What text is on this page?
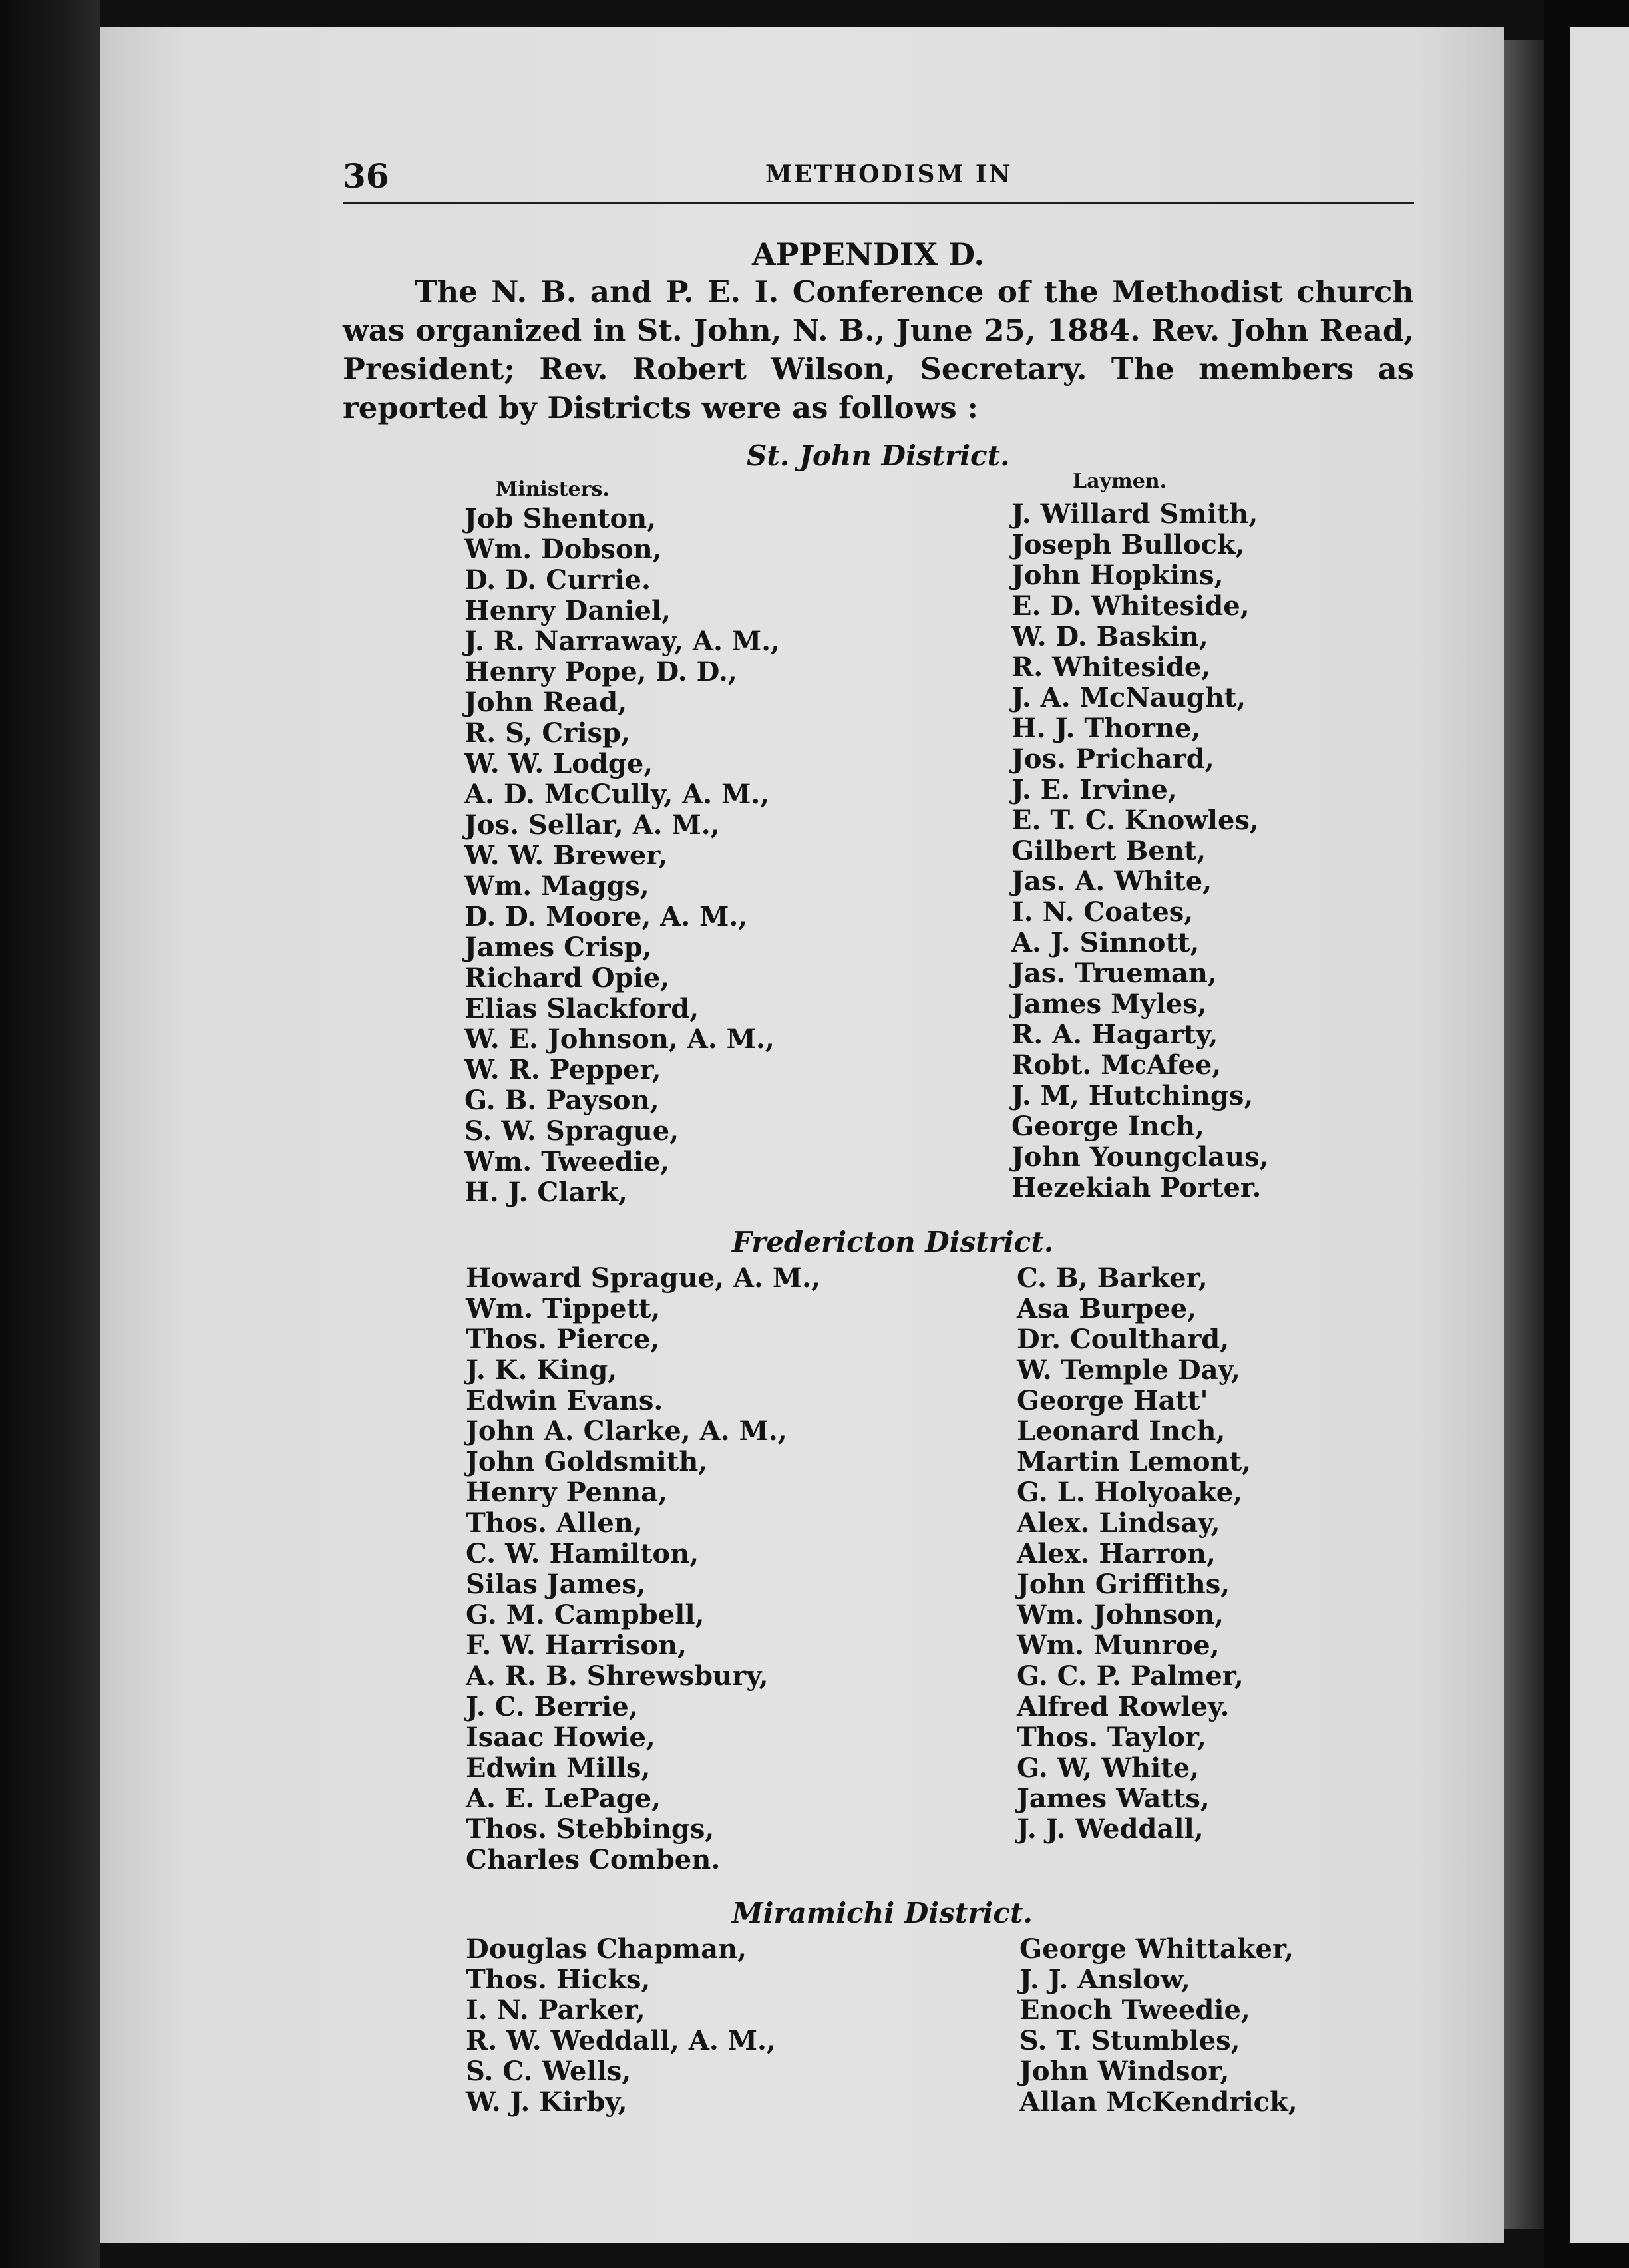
36	METHODISM IN
APPENDIX D.
The N. B. and P. E. I. Conference of the Methodist church was organized in St. John, N. B., June 25, 1884. Rev. John Read, President; Rev. Robert Wilson, Secretary. The members as reported by Districts were as follows :
St. John District.
Ministers.	Laymen.
Job Shenton,
Wm. Dobson,
D. D. Currie.
Henry Daniel,
J. R. Narraway, A. M.,
Henry Pope, D. D.,
John Read,
R. S, Crisp,
W. W. Lodge,
A. D. McCully, A. M.,
Jos. Sellar, A. M.,
W. W. Brewer,
Wm. Maggs,
D. D. Moore, A. M.,
James Crisp,
Richard Opie,
Elias Slackford,
W. E. Johnson, A. M.,
W. R. Pepper,
G. B. Payson,
S. W. Sprague,
Wm. Tweedie,
H. J. Clark,
J. Willard Smith,
Joseph Bullock,
John Hopkins,
E. D. Whiteside,
W. D. Baskin,
R. Whiteside,
J. A. McNaught,
H. J. Thorne,
Jos. Prichard,
J. E. Irvine,
E. T. C. Knowles,
Gilbert Bent,
Jas. A. White,
I. N. Coates,
A. J. Sinnott,
Jas. Trueman,
James Myles,
R. A. Hagarty,
Robt. McAfee,
J. M, Hutchings,
George Inch,
John Youngclaus,
Hezekiah Porter.
Fredericton District.
Howard Sprague, A. M.,
Wm. Tippett,
Thos. Pierce,
J. K. King,
Edwin Evans.
John A. Clarke, A. M.,
John Goldsmith,
Henry Penna,
Thos. Allen,
C. W. Hamilton,
Silas James,
G. M. Campbell,
F. W. Harrison,
A. R. B. Shrewsbury,
J. C. Berrie,
Isaac Howie,
Edwin Mills,
A. E. LePage,
Thos. Stebbings,
Charles Comben.
C. B, Barker,
Asa Burpee,
Dr. Coulthard,
W. Temple Day,
George Hatt'
Leonard Inch,
Martin Lemont,
G. L. Holyoake,
Alex. Lindsay,
Alex. Harron,
John Griffiths,
Wm. Johnson,
Wm. Munroe,
G. C. P. Palmer,
Alfred Rowley.
Thos. Taylor,
G. W, White,
James Watts,
J. J. Weddall,
Miramichi District.
Douglas Chapman,
Thos. Hicks,
I. N. Parker,
R. W. Weddall, A. M.,
S. C. Wells,
W. J. Kirby,
George Whittaker,
J. J. Anslow,
Enoch Tweedie,
S. T. Stumbles,
John Windsor,
Allan McKendrick,
